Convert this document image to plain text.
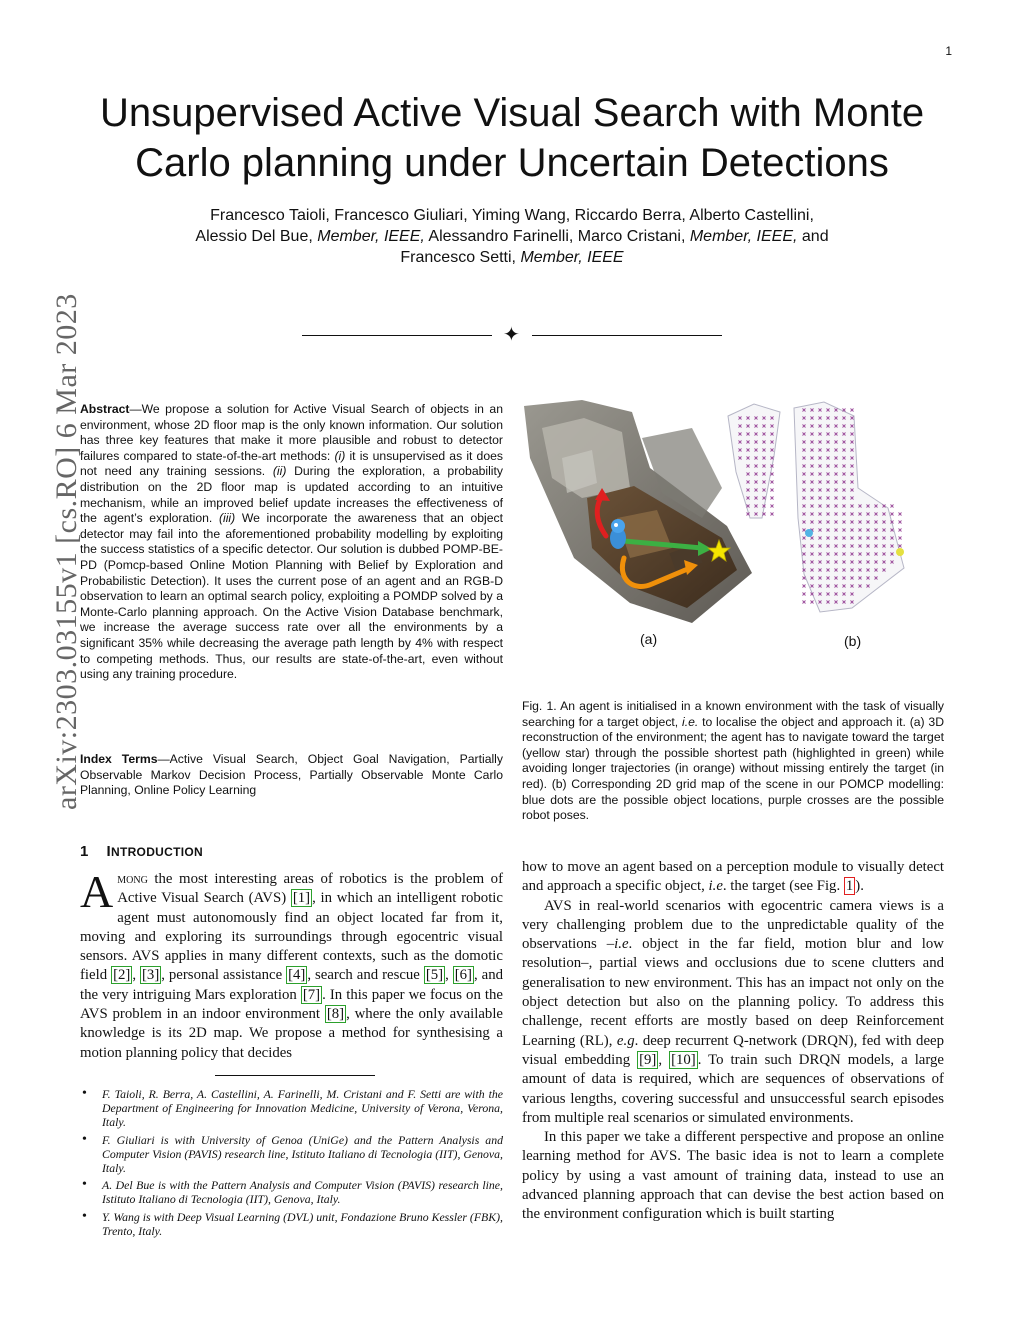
1
Unsupervised Active Visual Search with Monte
Carlo planning under Uncertain Detections
Francesco Taioli, Francesco Giuliari, Yiming Wang, Riccardo Berra, Alberto Castellini,
Alessio Del Bue, Member, IEEE, Alessandro Farinelli, Marco Cristani, Member, IEEE, and
Francesco Setti, Member, IEEE
✦
arXiv:2303.03155v1 [cs.RO] 6 Mar 2023
Abstract—We propose a solution for Active Visual Search of objects in an environment, whose 2D floor map is the only known information. Our solution has three key features that make it more plausible and robust to detector failures compared to state-of-the-art methods: (i) it is unsupervised as it does not need any training sessions. (ii) During the exploration, a probability distribution on the 2D floor map is updated according to an intuitive mechanism, while an improved belief update increases the effectiveness of the agent’s exploration. (iii) We incorporate the awareness that an object detector may fail into the aforementioned probability modelling by exploiting the success statistics of a specific detector. Our solution is dubbed POMP-BE-PD (Pomcp-based Online Motion Planning with Belief by Exploration and Probabilistic Detection). It uses the current pose of an agent and an RGB-D observation to learn an optimal search policy, exploiting a POMDP solved by a Monte-Carlo planning approach. On the Active Vision Database benchmark, we increase the average success rate over all the environments by a significant 35% while decreasing the average path length by 4% with respect to competing methods. Thus, our results are state-of-the-art, even without using any training procedure.
Index Terms—Active Visual Search, Object Goal Navigation, Partially Observable Markov Decision Process, Partially Observable Monte Carlo Planning, Online Policy Learning
(a)	(b)
Fig. 1. An agent is initialised in a known environment with the task of visually searching for a target object, i.e. to localise the object and approach it. (a) 3D reconstruction of the environment; the agent has to navigate toward the target (yellow star) through the possible shortest path (highlighted in green) while avoiding longer trajectories (in orange) without missing entirely the target (in red). (b) Corresponding 2D grid map of the scene in our POMCP modelling: blue dots are the possible object locations, purple crosses are the possible robot poses.
1 INTRODUCTION
Among the most interesting areas of robotics is the problem of Active Visual Search (AVS) [1] , in which an intelligent robotic agent must autonomously find an object located far from it, moving and exploring its surroundings through egocentric visual sensors. AVS applies in many different contexts, such as the domotic field [2] , [3] , personal assistance [4] , search and rescue [5] , [6] , and the very intriguing Mars exploration [7] . In this paper we focus on the AVS problem in an indoor environment [8] , where the only available knowledge is its 2D map. We propose a method for synthesising a motion planning policy that decides
• F. Taioli, R. Berra, A. Castellini, A. Farinelli, M. Cristani and F. Setti are with the Department of Engineering for Innovation Medicine, University of Verona, Verona, Italy.
• F. Giuliari is with University of Genoa (UniGe) and the Pattern Analysis and Computer Vision (PAVIS) research line, Istituto Italiano di Tecnologia (IIT), Genova, Italy.
• A. Del Bue is with the Pattern Analysis and Computer Vision (PAVIS) research line, Istituto Italiano di Tecnologia (IIT), Genova, Italy.
• Y. Wang is with Deep Visual Learning (DVL) unit, Fondazione Bruno Kessler (FBK), Trento, Italy.

how to move an agent based on a perception module to visually detect and approach a specific object, i.e. the target (see Fig. 1 ).

AVS in real-world scenarios with egocentric camera views is a very challenging problem due to the unpredictable quality of the observations –i.e. object in the far field, motion blur and low resolution–, partial views and occlusions due to scene clutters and generalisation to new environment. This has an impact not only on the object detection but also on the planning policy. To address this challenge, recent efforts are mostly based on deep Reinforcement Learning (RL), e.g. deep recurrent Q-network (DRQN), fed with deep visual embedding [9] , [10] . To train such DRQN models, a large amount of data is required, which are sequences of observations of various lengths, covering successful and unsuccessful search episodes from multiple real scenarios or simulated environments.

In this paper we take a different perspective and propose an online learning method for AVS. The basic idea is not to learn a complete policy by using a vast amount of training data, instead to use an advanced planning approach that can devise the best action based on the environment configuration which is built starting
